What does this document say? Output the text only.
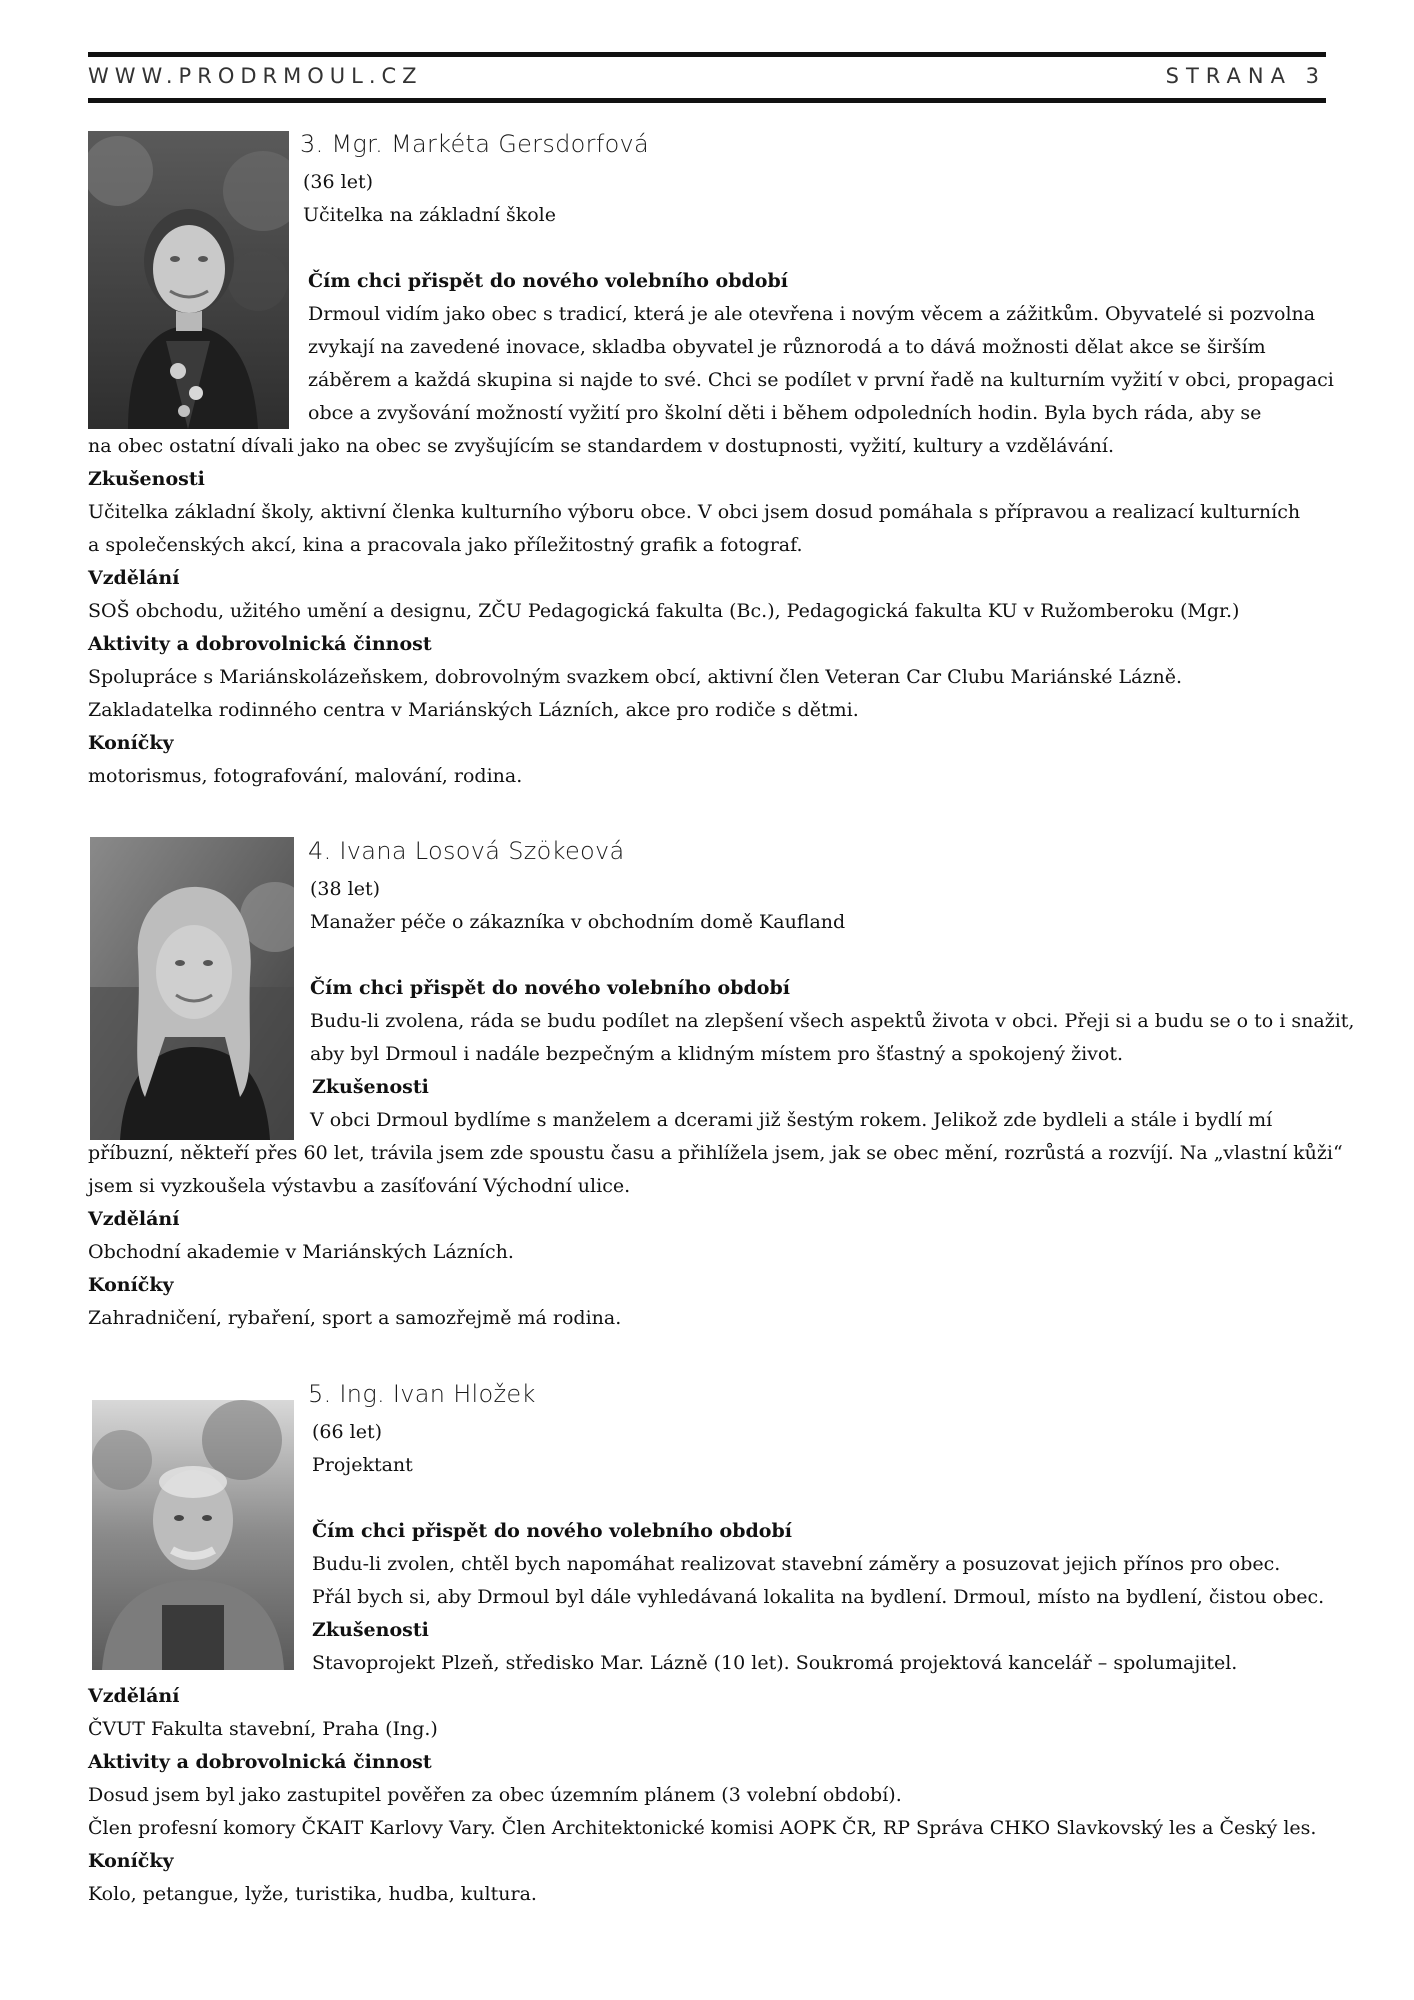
WWW.PRODRMOUL.CZ	STRANA 3
3. Mgr. Markéta Gersdorfová
(36 let)
Učitelka na základní škole
Čím chci přispět do nového volebního období
Drmoul vidím jako obec s tradicí, která je ale otevřena i novým věcem a zážitkům. Obyvatelé si pozvolna
zvykají na zavedené inovace, skladba obyvatel je různorodá a to dává možnosti dělat akce se širším
záběrem a každá skupina si najde to své. Chci se podílet v první řadě na kulturním vyžití v obci, propagaci
obce a zvyšování možností vyžití pro školní děti i během odpoledních hodin. Byla bych ráda, aby se
na obec ostatní dívali jako na obec se zvyšujícím se standardem v dostupnosti, vyžití, kultury a vzdělávání.
Zkušenosti
Učitelka základní školy, aktivní členka kulturního výboru obce. V obci jsem dosud pomáhala s přípravou a realizací kulturních
a společenských akcí, kina a pracovala jako příležitostný grafik a fotograf.
Vzdělání
SOŠ obchodu, užitého umění a designu, ZČU Pedagogická fakulta (Bc.), Pedagogická fakulta KU v Ružomberoku (Mgr.)
Aktivity a dobrovolnická činnost
Spolupráce s Mariánskolázeňskem, dobrovolným svazkem obcí, aktivní člen Veteran Car Clubu Mariánské Lázně.
Zakladatelka rodinného centra v Mariánských Lázních, akce pro rodiče s dětmi.
Koníčky
motorismus, fotografování, malování, rodina.
4. Ivana Losová Szökeová
(38 let)
Manažer péče o zákazníka v obchodním domě Kaufland
Čím chci přispět do nového volebního období
Budu-li zvolena, ráda se budu podílet na zlepšení všech aspektů života v obci. Přeji si a budu se o to i snažit,
aby byl Drmoul i nadále bezpečným a klidným místem pro šťastný a spokojený život.
Zkušenosti
V obci Drmoul bydlíme s manželem a dcerami již šestým rokem. Jelikož zde bydleli a stále i bydlí mí
příbuzní, někteří přes 60 let, trávila jsem zde spoustu času a přihlížela jsem, jak se obec mění, rozrůstá a rozvíjí. Na „vlastní kůži“
jsem si vyzkoušela výstavbu a zasíťování Východní ulice.
Vzdělání
Obchodní akademie v Mariánských Lázních.
Koníčky
Zahradničení, rybaření, sport a samozřejmě má rodina.
5. Ing. Ivan Hložek
(66 let)
Projektant
Čím chci přispět do nového volebního období
Budu-li zvolen, chtěl bych napomáhat realizovat stavební záměry a posuzovat jejich přínos pro obec.
Přál bych si, aby Drmoul byl dále vyhledávaná lokalita na bydlení. Drmoul, místo na bydlení, čistou obec.
Zkušenosti
Stavoprojekt Plzeň, středisko Mar. Lázně (10 let). Soukromá projektová kancelář – spolumajitel.
Vzdělání
ČVUT Fakulta stavební, Praha (Ing.)
Aktivity a dobrovolnická činnost
Dosud jsem byl jako zastupitel pověřen za obec územním plánem (3 volební období).
Člen profesní komory ČKAIT Karlovy Vary. Člen Architektonické komisi AOPK ČR, RP Správa CHKO Slavkovský les a Český les.
Koníčky
Kolo, petangue, lyže, turistika, hudba, kultura.
